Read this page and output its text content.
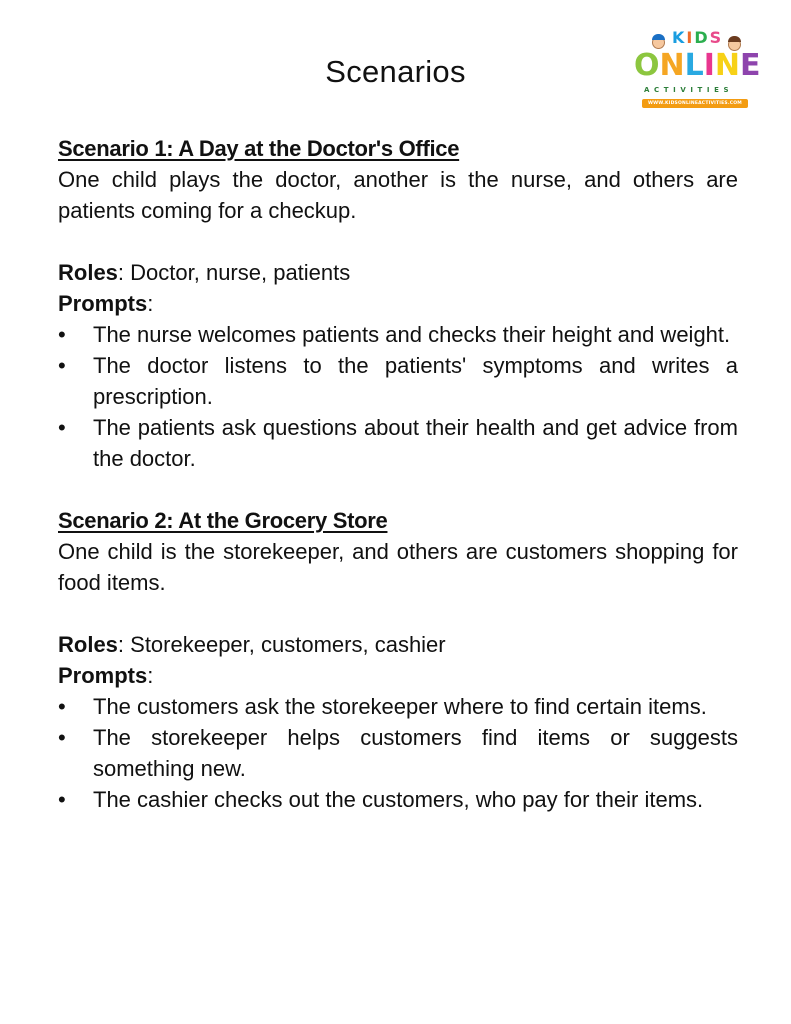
Scenarios
KIDS
ONLINE
ACTIVITIES
WWW.KIDSONLINEACTIVITIES.COM
Scenario 1: A Day at the Doctor's Office
One child plays the doctor, another is the nurse, and others are patients coming for a checkup.
Roles: Doctor, nurse, patients
Prompts:
•	The nurse welcomes patients and checks their height and weight.
•	The doctor listens to the patients' symptoms and writes a prescription.
•	The patients ask questions about their health and get advice from the doctor.
Scenario 2: At the Grocery Store
One child is the storekeeper, and others are customers shopping for food items.
Roles: Storekeeper, customers, cashier
Prompts:
•	The customers ask the storekeeper where to find certain items.
•	The storekeeper helps customers find items or suggests something new.
•	The cashier checks out the customers, who pay for their items.
